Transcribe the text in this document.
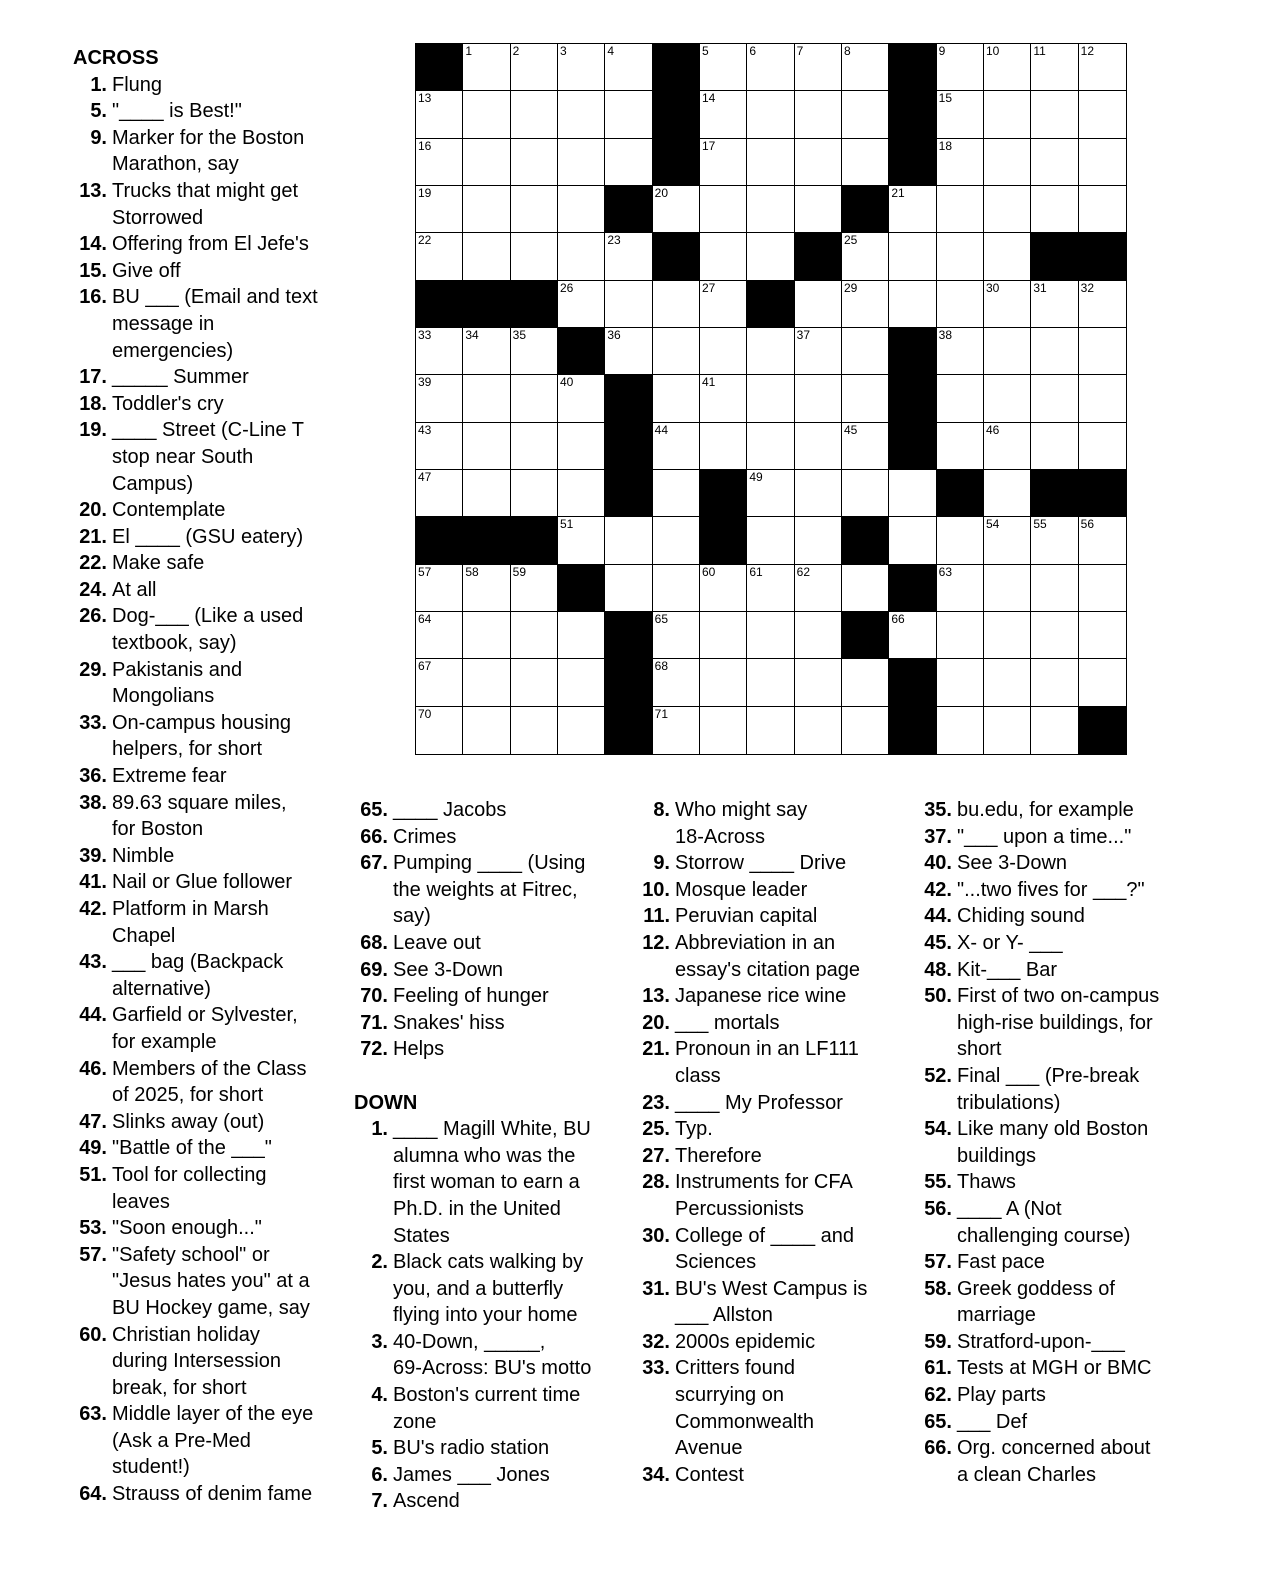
1	2	3	4	5	6	7	8	9	10	11	12
13	14	15
16	17	18
19	20	21
22	23	25
26	27	29	30	31	32
33	34	35	36	37	38
39	40	41
43	44	45	46
47	49
51	54	55	56
57	58	59	60	61	62	63
64	65	66
67	68
70	71
ACROSS
1. Flung
5. "____ is Best!"
9. Marker for the Boston
Marathon, say
13. Trucks that might get
Storrowed
14. Offering from El Jefe's
15. Give off
16. BU ___ (Email and text
message in
emergencies)
17. _____ Summer
18. Toddler's cry
19. ____ Street (C-Line T
stop near South
Campus)
20. Contemplate
21. El ____ (GSU eatery)
22. Make safe
24. At all
26. Dog-___ (Like a used
textbook, say)
29. Pakistanis and
Mongolians
33. On-campus housing
helpers, for short
36. Extreme fear
38. 89.63 square miles,
for Boston
39. Nimble
41. Nail or Glue follower
42. Platform in Marsh
Chapel
43. ___ bag (Backpack
alternative)
44. Garfield or Sylvester,
for example
46. Members of the Class
of 2025, for short
47. Slinks away (out)
49. "Battle of the ___"
51. Tool for collecting
leaves
53. "Soon enough..."
57. "Safety school" or
"Jesus hates you" at a
BU Hockey game, say
60. Christian holiday
during Intersession
break, for short
63. Middle layer of the eye
(Ask a Pre-Med
student!)
64. Strauss of denim fame
65. ____ Jacobs
66. Crimes
67. Pumping ____ (Using
the weights at Fitrec,
say)
68. Leave out
69. See 3-Down
70. Feeling of hunger
71. Snakes' hiss
72. Helps
DOWN
1. ____ Magill White, BU
alumna who was the
first woman to earn a
Ph.D. in the United
States
2. Black cats walking by
you, and a butterfly
flying into your home
3. 40-Down, _____,
69-Across: BU's motto
4. Boston's current time
zone
5. BU's radio station
6. James ___ Jones
7. Ascend
8. Who might say
18-Across
9. Storrow ____ Drive
10. Mosque leader
11. Peruvian capital
12. Abbreviation in an
essay's citation page
13. Japanese rice wine
20. ___ mortals
21. Pronoun in an LF111
class
23. ____ My Professor
25. Typ.
27. Therefore
28. Instruments for CFA
Percussionists
30. College of ____ and
Sciences
31. BU's West Campus is
___ Allston
32. 2000s epidemic
33. Critters found
scurrying on
Commonwealth
Avenue
34. Contest
35. bu.edu, for example
37. "___ upon a time..."
40. See 3-Down
42. "...two fives for ___?"
44. Chiding sound
45. X- or Y- ___
48. Kit-___ Bar
50. First of two on-campus
high-rise buildings, for
short
52. Final ___ (Pre-break
tribulations)
54. Like many old Boston
buildings
55. Thaws
56. ____ A (Not
challenging course)
57. Fast pace
58. Greek goddess of
marriage
59. Stratford-upon-___
61. Tests at MGH or BMC
62. Play parts
65. ___ Def
66. Org. concerned about
a clean Charles
